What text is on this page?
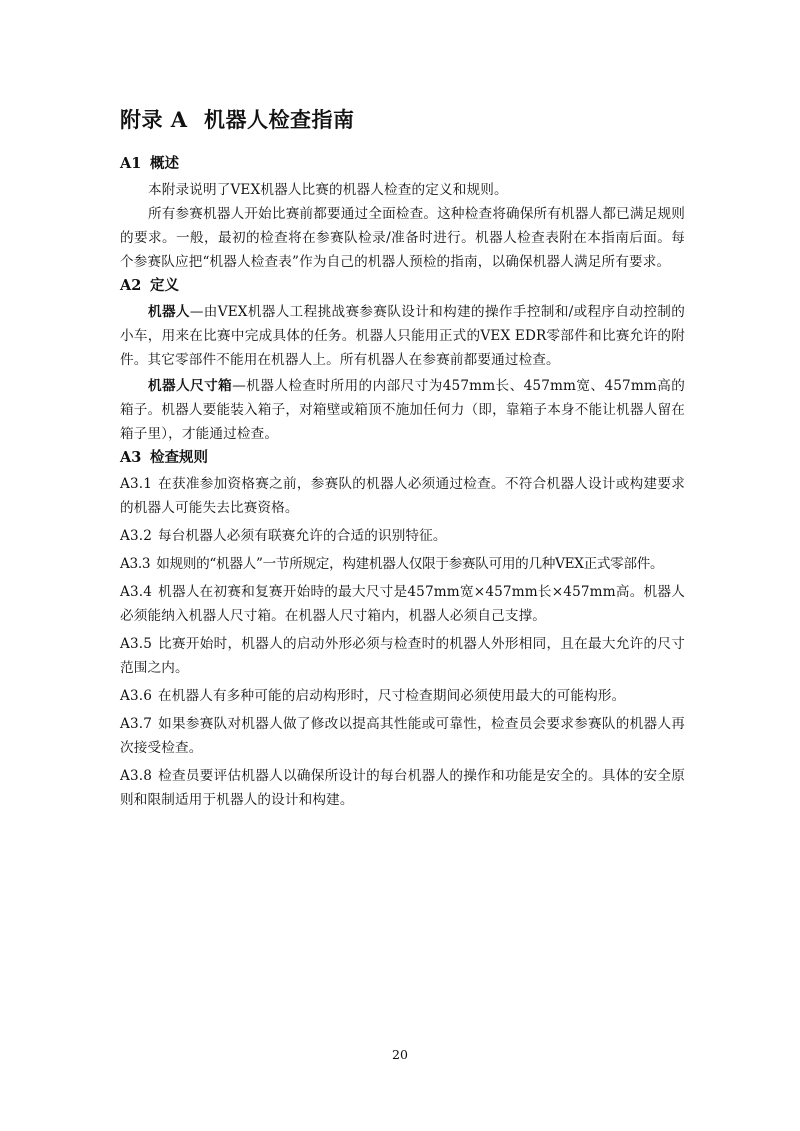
附录 A 机器人检查指南
A1 概述

本附录说明了VEX机器人比赛的机器人检查的定义和规则。

所有参赛机器人开始比赛前都要通过全面检查。这种检查将确保所有机器人都已满足规则的要求。一般，最初的检查将在参赛队检录/准备时进行。机器人检查表附在本指南后面。每个参赛队应把“机器人检查表”作为自己的机器人预检的指南，以确保机器人满足所有要求。

A2 定义

机器人—由VEX机器人工程挑战赛参赛队设计和构建的操作手控制和/或程序自动控制的小车，用来在比赛中完成具体的任务。机器人只能用正式的VEX EDR零部件和比赛允许的附件。其它零部件不能用在机器人上。所有机器人在参赛前都要通过检查。

机器人尺寸箱—机器人检查时所用的内部尺寸为457mm长、457mm宽、457mm高的箱子。机器人要能装入箱子，对箱壁或箱顶不施加任何力（即，靠箱子本身不能让机器人留在箱子里），才能通过检查。

A3 检查规则

A3.1 在获准参加资格赛之前，参赛队的机器人必须通过检查。不符合机器人设计或构建要求的机器人可能失去比赛资格。

A3.2 每台机器人必须有联赛允许的合适的识别特征。

A3.3 如规则的“机器人”一节所规定，构建机器人仅限于参赛队可用的几种VEX正式零部件。

A3.4 机器人在初赛和复赛开始時的最大尺寸是457mm宽×457mm长×457mm高。机器人必须能纳入机器人尺寸箱。在机器人尺寸箱内，机器人必须自己支撑。

A3.5 比赛开始时，机器人的启动外形必须与检查时的机器人外形相同，且在最大允许的尺寸范围之内。

A3.6 在机器人有多种可能的启动构形时，尺寸检查期间必须使用最大的可能构形。

A3.7 如果参赛队对机器人做了修改以提高其性能或可靠性，检查员会要求参赛队的机器人再次接受检查。

A3.8 检查员要评估机器人以确保所设计的每台机器人的操作和功能是安全的。具体的安全原则和限制适用于机器人的设计和构建。

20
